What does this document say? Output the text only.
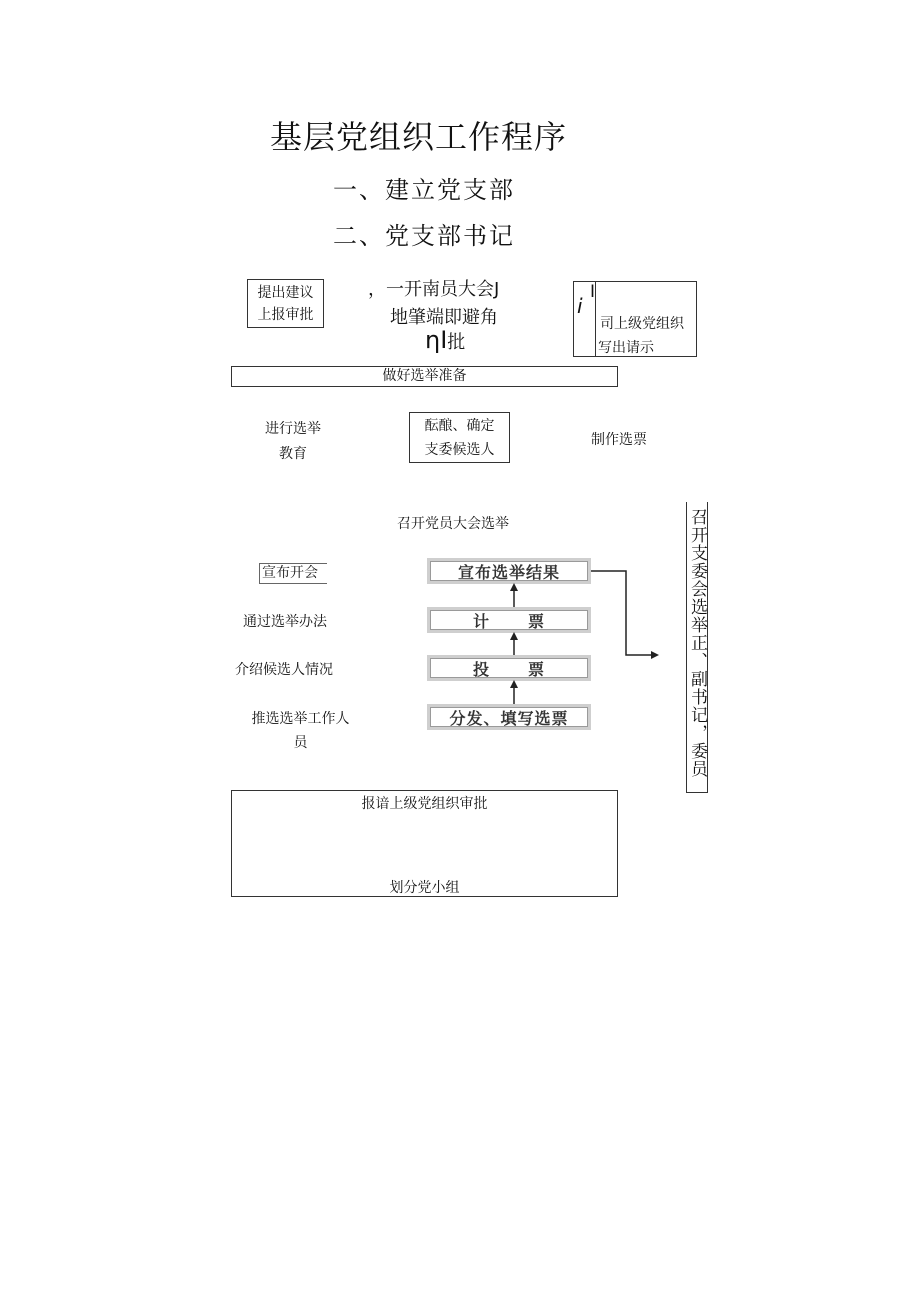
基层党组织工作程序
一、建立党支部
二、党支部书记
提出建议
上报审批
，一开南员大会J
地肇端即避角
ηI批
i
I
司上级党组织
写出请示
做好选举准备
进行选举
教育
酝酿、确定
支委候选人
制作选票
召开党员大会选举
宣布开会
通过选举办法
介绍候选人情况
推选选举工作人
员
宣布选举结果
计 票
投 票
分发、填写选票	召开支委会选举正、副书记，委员
报谙上级党组织审批
划分党小组
